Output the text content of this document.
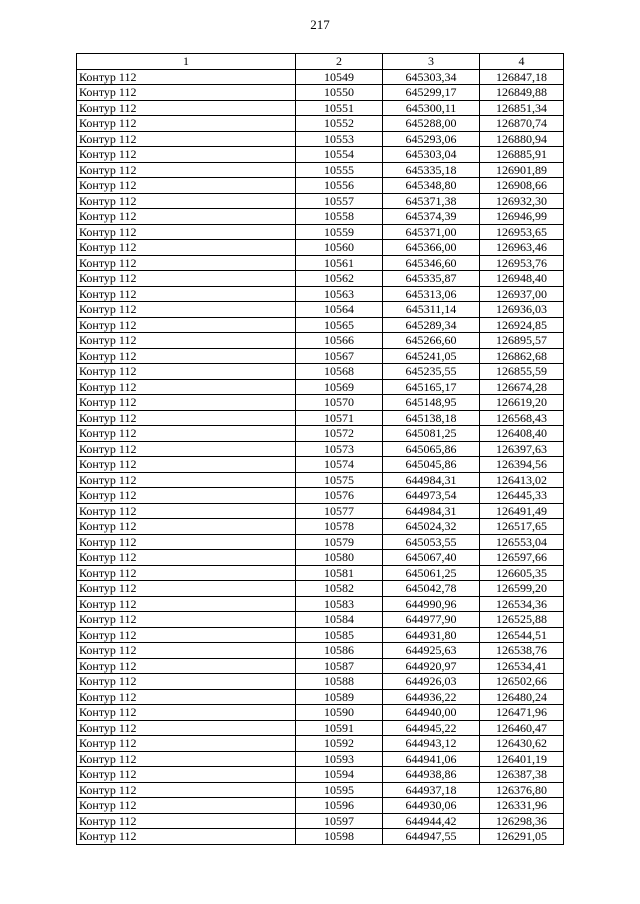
217
1	2	3	4
Контур 112	10549	645303,34	126847,18
Контур 112	10550	645299,17	126849,88
Контур 112	10551	645300,11	126851,34
Контур 112	10552	645288,00	126870,74
Контур 112	10553	645293,06	126880,94
Контур 112	10554	645303,04	126885,91
Контур 112	10555	645335,18	126901,89
Контур 112	10556	645348,80	126908,66
Контур 112	10557	645371,38	126932,30
Контур 112	10558	645374,39	126946,99
Контур 112	10559	645371,00	126953,65
Контур 112	10560	645366,00	126963,46
Контур 112	10561	645346,60	126953,76
Контур 112	10562	645335,87	126948,40
Контур 112	10563	645313,06	126937,00
Контур 112	10564	645311,14	126936,03
Контур 112	10565	645289,34	126924,85
Контур 112	10566	645266,60	126895,57
Контур 112	10567	645241,05	126862,68
Контур 112	10568	645235,55	126855,59
Контур 112	10569	645165,17	126674,28
Контур 112	10570	645148,95	126619,20
Контур 112	10571	645138,18	126568,43
Контур 112	10572	645081,25	126408,40
Контур 112	10573	645065,86	126397,63
Контур 112	10574	645045,86	126394,56
Контур 112	10575	644984,31	126413,02
Контур 112	10576	644973,54	126445,33
Контур 112	10577	644984,31	126491,49
Контур 112	10578	645024,32	126517,65
Контур 112	10579	645053,55	126553,04
Контур 112	10580	645067,40	126597,66
Контур 112	10581	645061,25	126605,35
Контур 112	10582	645042,78	126599,20
Контур 112	10583	644990,96	126534,36
Контур 112	10584	644977,90	126525,88
Контур 112	10585	644931,80	126544,51
Контур 112	10586	644925,63	126538,76
Контур 112	10587	644920,97	126534,41
Контур 112	10588	644926,03	126502,66
Контур 112	10589	644936,22	126480,24
Контур 112	10590	644940,00	126471,96
Контур 112	10591	644945,22	126460,47
Контур 112	10592	644943,12	126430,62
Контур 112	10593	644941,06	126401,19
Контур 112	10594	644938,86	126387,38
Контур 112	10595	644937,18	126376,80
Контур 112	10596	644930,06	126331,96
Контур 112	10597	644944,42	126298,36
Контур 112	10598	644947,55	126291,05
